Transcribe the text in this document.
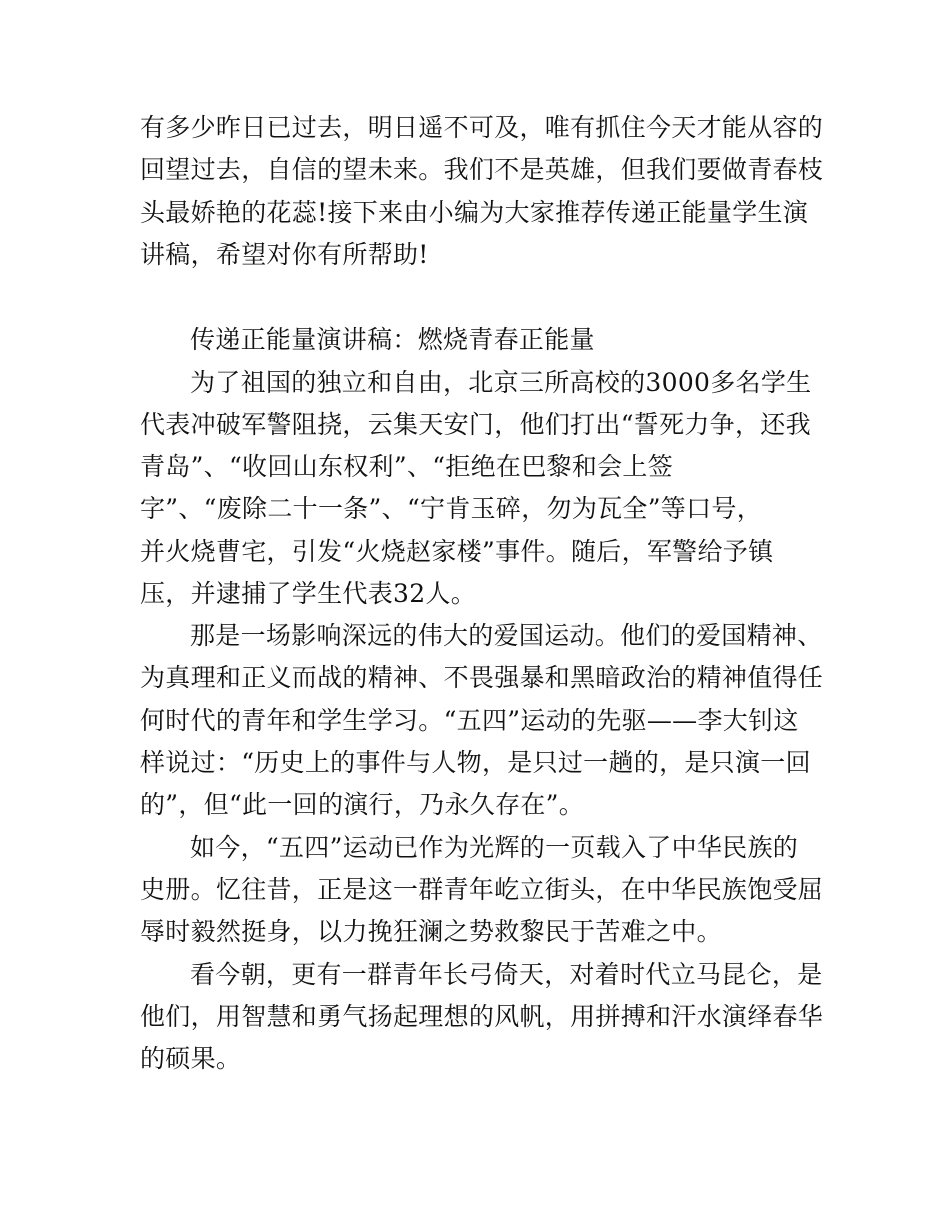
有多少昨日已过去，明日遥不可及，唯有抓住今天才能从容的
回望过去，自信的望未来。我们不是英雄，但我们要做青春枝
头最娇艳的花蕊!接下来由小编为大家推荐传递正能量学生演
讲稿，希望对你有所帮助!
传递正能量演讲稿：燃烧青春正能量
为了祖国的独立和自由，北京三所高校的3000多名学生
代表冲破军警阻挠，云集天安门，他们打出“誓死力争，还我
青岛”、“收回山东权利”、“拒绝在巴黎和会上签
字”、“废除二十一条”、“宁肯玉碎，勿为瓦全”等口号，
并火烧曹宅，引发“火烧赵家楼”事件。随后，军警给予镇
压，并逮捕了学生代表32人。
那是一场影响深远的伟大的爱国运动。他们的爱国精神、
为真理和正义而战的精神、不畏强暴和黑暗政治的精神值得任
何时代的青年和学生学习。“五四”运动的先驱——李大钊这
样说过：“历史上的事件与人物，是只过一趟的，是只演一回
的”，但“此一回的演行，乃永久存在”。
如今，“五四”运动已作为光辉的一页载入了中华民族的
史册。忆往昔，正是这一群青年屹立街头，在中华民族饱受屈
辱时毅然挺身，以力挽狂澜之势救黎民于苦难之中。
看今朝，更有一群青年长弓倚天，对着时代立马昆仑，是
他们，用智慧和勇气扬起理想的风帆，用拼搏和汗水演绎春华
的硕果。
